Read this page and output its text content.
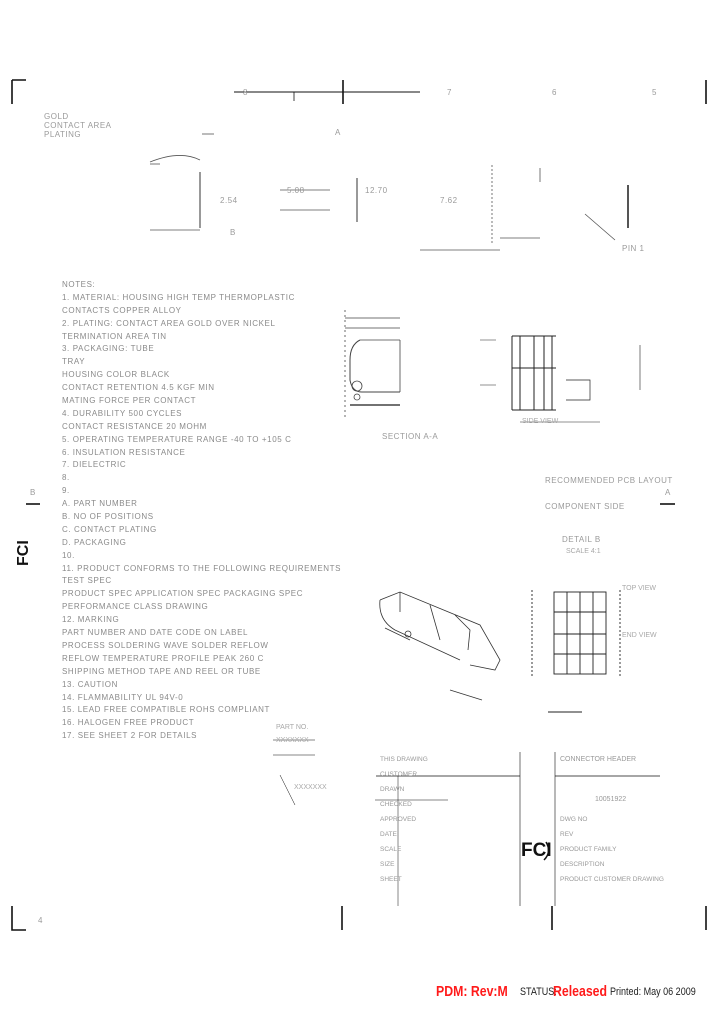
FCI
FCI
8	7	6	5
4
B	A
GOLD
CONTACT AREA
PLATING
2.54
5.08	12.70
7.62
A
B
PIN 1
SECTION A-A
RECOMMENDED PCB LAYOUT
COMPONENT SIDE
DETAIL B
SCALE 4:1
SIDE VIEW
TOP VIEW
END VIEW
NOTES:
1. MATERIAL: HOUSING HIGH TEMP THERMOPLASTIC
CONTACTS COPPER ALLOY
2. PLATING: CONTACT AREA GOLD OVER NICKEL
TERMINATION AREA TIN
3. PACKAGING: TUBE
TRAY
HOUSING COLOR BLACK
CONTACT RETENTION 4.5 KGF MIN
MATING FORCE PER CONTACT
4. DURABILITY 500 CYCLES
CONTACT RESISTANCE 20 MOHM
5. OPERATING TEMPERATURE RANGE -40 TO +105 C
6. INSULATION RESISTANCE
7. DIELECTRIC
8.
9.
A. PART NUMBER
B. NO OF POSITIONS
C. CONTACT PLATING
D. PACKAGING
10.
11. PRODUCT CONFORMS TO THE FOLLOWING REQUIREMENTS
TEST SPEC
PRODUCT SPEC APPLICATION SPEC PACKAGING SPEC
PERFORMANCE CLASS DRAWING
12. MARKING
PART NUMBER AND DATE CODE ON LABEL
PROCESS SOLDERING WAVE SOLDER REFLOW
REFLOW TEMPERATURE PROFILE PEAK 260 C
SHIPPING METHOD TAPE AND REEL OR TUBE
13. CAUTION
14. FLAMMABILITY UL 94V-0
15. LEAD FREE COMPATIBLE ROHS COMPLIANT
16. HALOGEN FREE PRODUCT
17. SEE SHEET 2 FOR DETAILS
PART NO.
XXXXXXX
XXXXXXX
THIS DRAWING
CUSTOMER
DRAWN
CHECKED
APPROVED
DATE
SCALE
SIZE
SHEET
CONNECTOR HEADER
10051922
DWG NO
REV
PRODUCT FAMILY
DESCRIPTION
PRODUCT CUSTOMER DRAWING
PDM: Rev:M STATUS:
Released Printed: May 06 2009
